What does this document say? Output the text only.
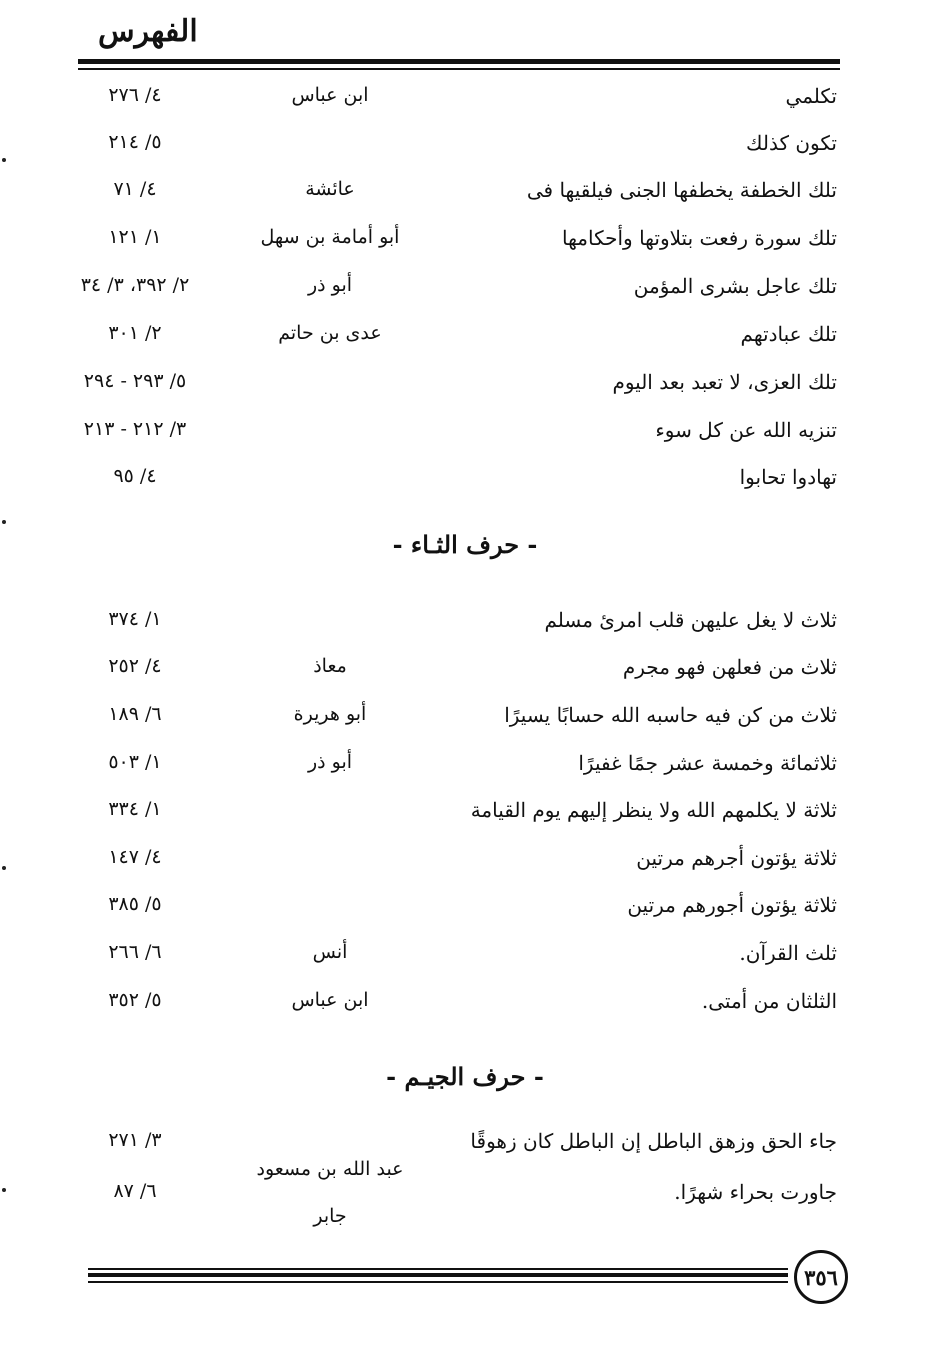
الفهرس
تكلمي
ابن عباس
٤/ ٢٧٦
تكون كذلك
٥/ ٢١٤
تلك الخطفة يخطفها الجنى فيلقيها فى
عائشة
٤/ ٧١
تلك سورة رفعت بتلاوتها وأحكامها
أبو أمامة بن سهل
١/ ١٢١
تلك عاجل بشرى المؤمن
أبو ذر
٢/ ٣٩٢، ٣/ ٣٤
تلك عبادتهم
عدى بن حاتم
٢/ ٣٠١
تلك العزى، لا تعبد بعد اليوم
٥/ ٢٩٣ - ٢٩٤
تنزيه الله عن كل سوء
٣/ ٢١٢ - ٢١٣
تهادوا تحابوا
٤/ ٩٥
- حرف الثـاء -
ثلاث لا يغل عليهن قلب امرئ مسلم
١/ ٣٧٤
ثلاث من فعلهن فهو مجرم
معاذ
٤/ ٢٥٢
ثلاث من كن فيه حاسبه الله حسابًا يسيرًا
أبو هريرة
٦/ ١٨٩
ثلاثمائة وخمسة عشر جمًا غفيرًا
أبو ذر
١/ ٥٠٣
ثلاثة لا يكلمهم الله ولا ينظر إليهم يوم القيامة
١/ ٣٣٤
ثلاثة يؤتون أجرهم مرتين
٤/ ١٤٧
ثلاثة يؤتون أجورهم مرتين
٥/ ٣٨٥
ثلث القرآن.
أنس
٦/ ٢٦٦
الثلثان من أمتى.
ابن عباس
٥/ ٣٥٢
- حرف الجيـم -
جاء الحق وزهق الباطل إن الباطل كان زهوقًا
٣/ ٢٧١
جاورت بحراء شهرًا.
٦/ ٨٧
عبد الله بن مسعود
جابر
٣٥٦
